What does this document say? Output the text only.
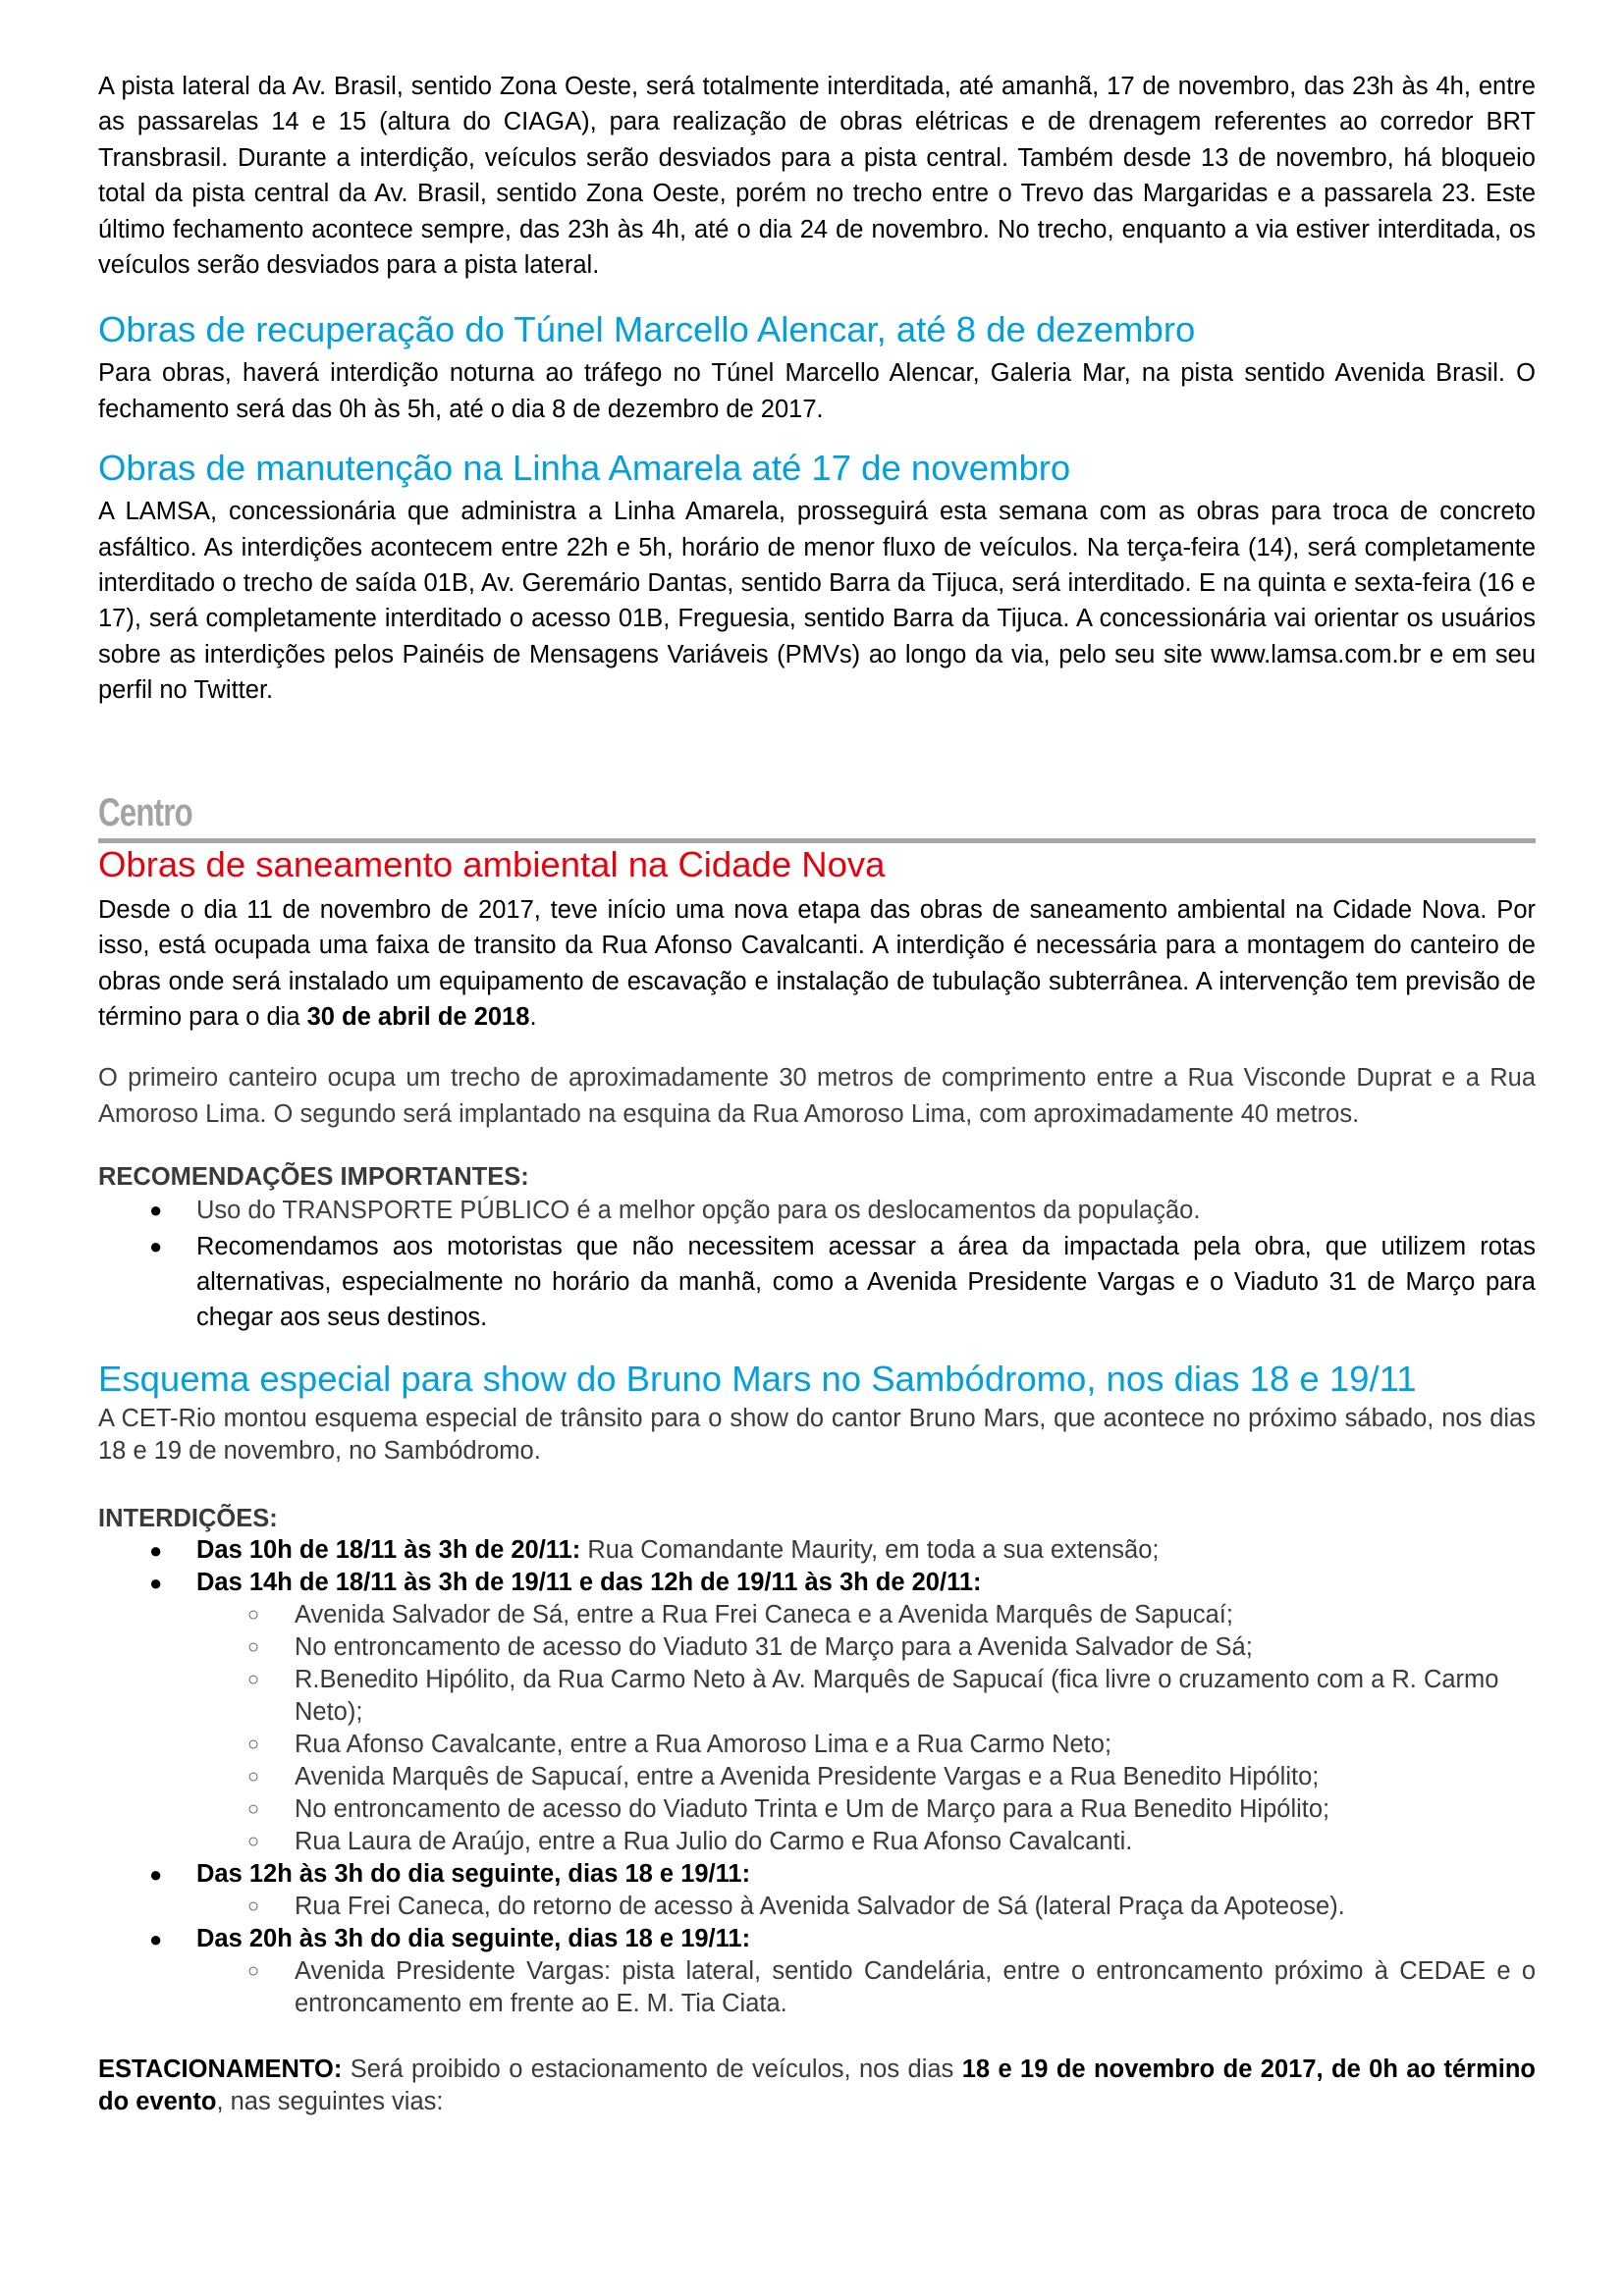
A pista lateral da Av. Brasil, sentido Zona Oeste, será totalmente interditada, até amanhã, 17 de novembro, das 23h às 4h, entre as passarelas 14 e 15 (altura do CIAGA), para realização de obras elétricas e de drenagem referentes ao corredor BRT Transbrasil. Durante a interdição, veículos serão desviados para a pista central. Também desde 13 de novembro, há bloqueio total da pista central da Av. Brasil, sentido Zona Oeste, porém no trecho entre o Trevo das Margaridas e a passarela 23. Este último fechamento acontece sempre, das 23h às 4h, até o dia 24 de novembro. No trecho, enquanto a via estiver interditada, os veículos serão desviados para a pista lateral.

Obras de recuperação do Túnel Marcello Alencar, até 8 de dezembro

Para obras, haverá interdição noturna ao tráfego no Túnel Marcello Alencar, Galeria Mar, na pista sentido Avenida Brasil. O fechamento será das 0h às 5h, até o dia 8 de dezembro de 2017.

Obras de manutenção na Linha Amarela até 17 de novembro

A LAMSA, concessionária que administra a Linha Amarela, prosseguirá esta semana com as obras para troca de concreto asfáltico. As interdições acontecem entre 22h e 5h, horário de menor fluxo de veículos. Na terça-feira (14), será completamente interditado o trecho de saída 01B, Av. Geremário Dantas, sentido Barra da Tijuca, será interditado. E na quinta e sexta-feira (16 e 17), será completamente interditado o acesso 01B, Freguesia, sentido Barra da Tijuca. A concessionária vai orientar os usuários sobre as interdições pelos Painéis de Mensagens Variáveis (PMVs) ao longo da via, pelo seu site www.lamsa.com.br e em seu perfil no Twitter.

Centro
Obras de saneamento ambiental na Cidade Nova

Desde o dia 11 de novembro de 2017, teve início uma nova etapa das obras de saneamento ambiental na Cidade Nova. Por isso, está ocupada uma faixa de transito da Rua Afonso Cavalcanti. A interdição é necessária para a montagem do canteiro de obras onde será instalado um equipamento de escavação e instalação de tubulação subterrânea. A intervenção tem previsão de término para o dia 30 de abril de 2018.

O primeiro canteiro ocupa um trecho de aproximadamente 30 metros de comprimento entre a Rua Visconde Duprat e a Rua Amoroso Lima. O segundo será implantado na esquina da Rua Amoroso Lima, com aproximadamente 40 metros.

RECOMENDAÇÕES IMPORTANTES:

● Uso do TRANSPORTE PÚBLICO é a melhor opção para os deslocamentos da população.
● Recomendamos aos motoristas que não necessitem acessar a área da impactada pela obra, que utilizem rotas alternativas, especialmente no horário da manhã, como a Avenida Presidente Vargas e o Viaduto 31 de Março para chegar aos seus destinos.
Esquema especial para show do Bruno Mars no Sambódromo, nos dias 18 e 19/11

A CET-Rio montou esquema especial de trânsito para o show do cantor Bruno Mars, que acontece no próximo sábado, nos dias 18 e 19 de novembro, no Sambódromo.

INTERDIÇÕES:

● Das 10h de 18/11 às 3h de 20/11: Rua Comandante Maurity, em toda a sua extensão;
● Das 14h de 18/11 às 3h de 19/11 e das 12h de 19/11 às 3h de 20/11:
○ Avenida Salvador de Sá, entre a Rua Frei Caneca e a Avenida Marquês de Sapucaí;
○ No entroncamento de acesso do Viaduto 31 de Março para a Avenida Salvador de Sá;
○ R.Benedito Hipólito, da Rua Carmo Neto à Av. Marquês de Sapucaí (fica livre o cruzamento com a R. Carmo Neto);
○ Rua Afonso Cavalcante, entre a Rua Amoroso Lima e a Rua Carmo Neto;
○ Avenida Marquês de Sapucaí, entre a Avenida Presidente Vargas e a Rua Benedito Hipólito;
○ No entroncamento de acesso do Viaduto Trinta e Um de Março para a Rua Benedito Hipólito;
○ Rua Laura de Araújo, entre a Rua Julio do Carmo e Rua Afonso Cavalcanti.
● Das 12h às 3h do dia seguinte, dias 18 e 19/11:
○ Rua Frei Caneca, do retorno de acesso à Avenida Salvador de Sá (lateral Praça da Apoteose).
● Das 20h às 3h do dia seguinte, dias 18 e 19/11:
○ Avenida Presidente Vargas: pista lateral, sentido Candelária, entre o entroncamento próximo à CEDAE e o entroncamento em frente ao E. M. Tia Ciata.

ESTACIONAMENTO: Será proibido o estacionamento de veículos, nos dias 18 e 19 de novembro de 2017, de 0h ao término do evento, nas seguintes vias:
